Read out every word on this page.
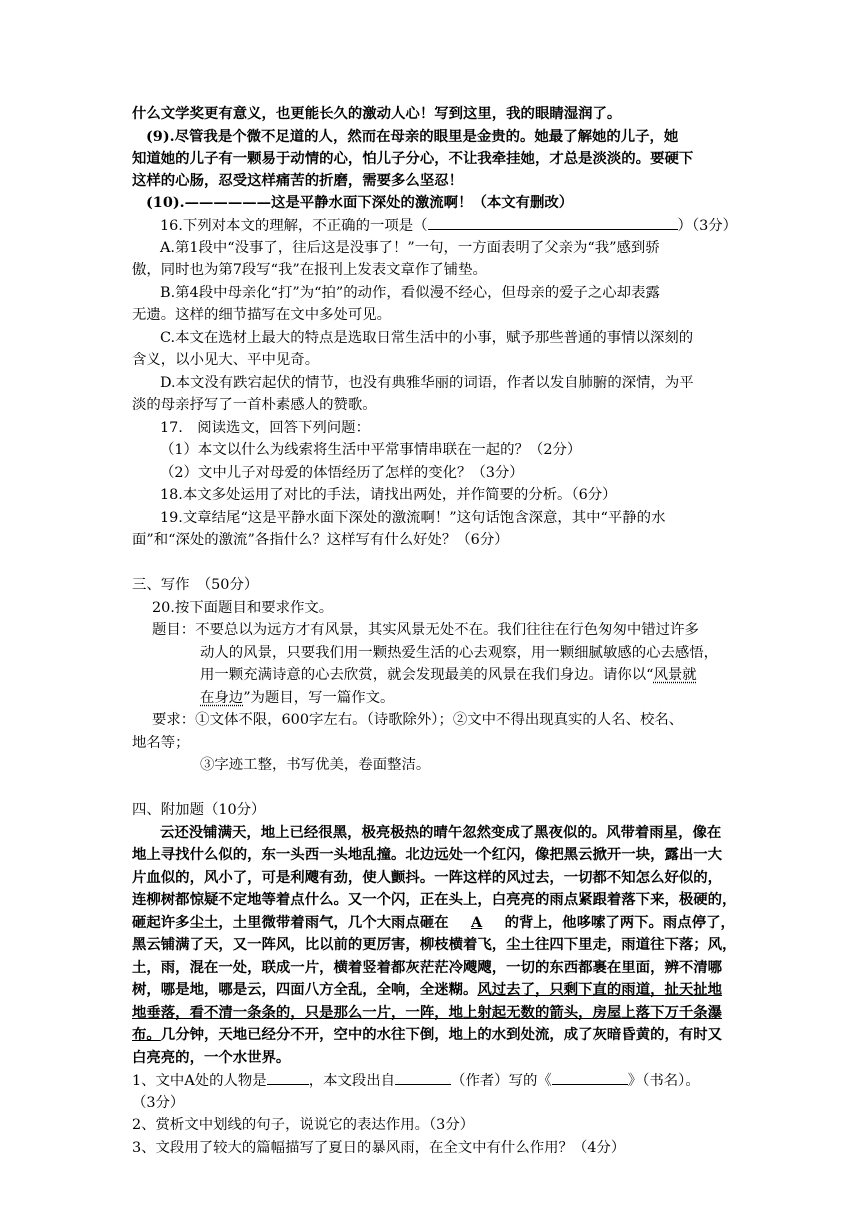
什么文学奖更有意义，也更能长久的激动人心！写到这里，我的眼睛湿润了。
(9).尽管我是个微不足道的人，然而在母亲的眼里是金贵的。她最了解她的儿子，她
知道她的儿子有一颗易于动情的心，怕儿子分心，不让我牵挂她，才总是淡淡的。要硬下
这样的心肠，忍受这样痛苦的折磨，需要多么坚忍！
(10).——————这是平静水面下深处的激流啊！（本文有删改）
16.下列对本文的理解，不正确的一项是（	）（3分）
A.第1段中“没事了，往后这是没事了！”一句，一方面表明了父亲为“我”感到骄
傲，同时也为第7段写“我”在报刊上发表文章作了铺垫。
B.第4段中母亲化“打”为“拍”的动作，看似漫不经心，但母亲的爱子之心却表露
无遗。这样的细节描写在文中多处可见。
C.本文在选材上最大的特点是选取日常生活中的小事，赋予那些普通的事情以深刻的
含义，以小见大、平中见奇。
D.本文没有跌宕起伏的情节，也没有典雅华丽的词语，作者以发自肺腑的深情，为平
淡的母亲抒写了一首朴素感人的赞歌。
17.　阅读选文，回答下列问题：
（1）本文以什么为线索将生活中平常事情串联在一起的？（2分）
（2）文中儿子对母爱的体悟经历了怎样的变化？（3分）
18.本文多处运用了对比的手法，请找出两处，并作简要的分析。（6分）
19.文章结尾“这是平静水面下深处的激流啊！”这句话饱含深意，其中“平静的水
面”和“深处的激流”各指什么？这样写有什么好处？（6分）
三、写作　（50分）
20.按下面题目和要求作文。
题目：不要总以为远方才有风景，其实风景无处不在。我们往往在行色匆匆中错过许多
动人的风景，只要我们用一颗热爱生活的心去观察，用一颗细腻敏感的心去感悟，
用一颗充满诗意的心去欣赏，就会发现最美的风景在我们身边。请你以“风景就
在身边”为题目，写一篇作文。
要求：①文体不限，600字左右。（诗歌除外）；②文中不得出现真实的人名、校名、
地名等；
③字迹工整，书写优美，卷面整洁。
四、附加题（10分）
云还没铺满天，地上已经很黑，极亮极热的晴午忽然变成了黑夜似的。风带着雨星，像在
地上寻找什么似的，东一头西一头地乱撞。北边远处一个红闪，像把黑云掀开一块，露出一大
片血似的，风小了，可是利飕有劲，使人颤抖。一阵这样的风过去，一切都不知怎么好似的，
连柳树都惊疑不定地等着点什么。又一个闪，正在头上，白亮亮的雨点紧跟着落下来，极硬的，
砸起许多尘土，土里微带着雨气，几个大雨点砸在 A 的背上，他哆嗦了两下。雨点停了，
黑云铺满了天，又一阵风，比以前的更厉害，柳枝横着飞，尘土往四下里走，雨道往下落；风，
土，雨，混在一处，联成一片，横着竖着都灰茫茫冷飕飕，一切的东西都裹在里面，辨不清哪
树，哪是地，哪是云，四面八方全乱，全响，全迷糊。风过去了，只剩下直的雨道，扯天扯地
地垂落，看不清一条条的，只是那么一片，一阵，地上射起无数的箭头，房屋上落下万千条瀑
布。几分钟，天地已经分不开，空中的水往下倒，地上的水到处流，成了灰暗昏黄的，有时又
白亮亮的，一个水世界。
1、文中A处的人物是	，本文段出自	（作者）写的《	》（书名）。
（3分）
2、赏析文中划线的句子，说说它的表达作用。（3分）
3、文段用了较大的篇幅描写了夏日的暴风雨，在全文中有什么作用？（4分）
